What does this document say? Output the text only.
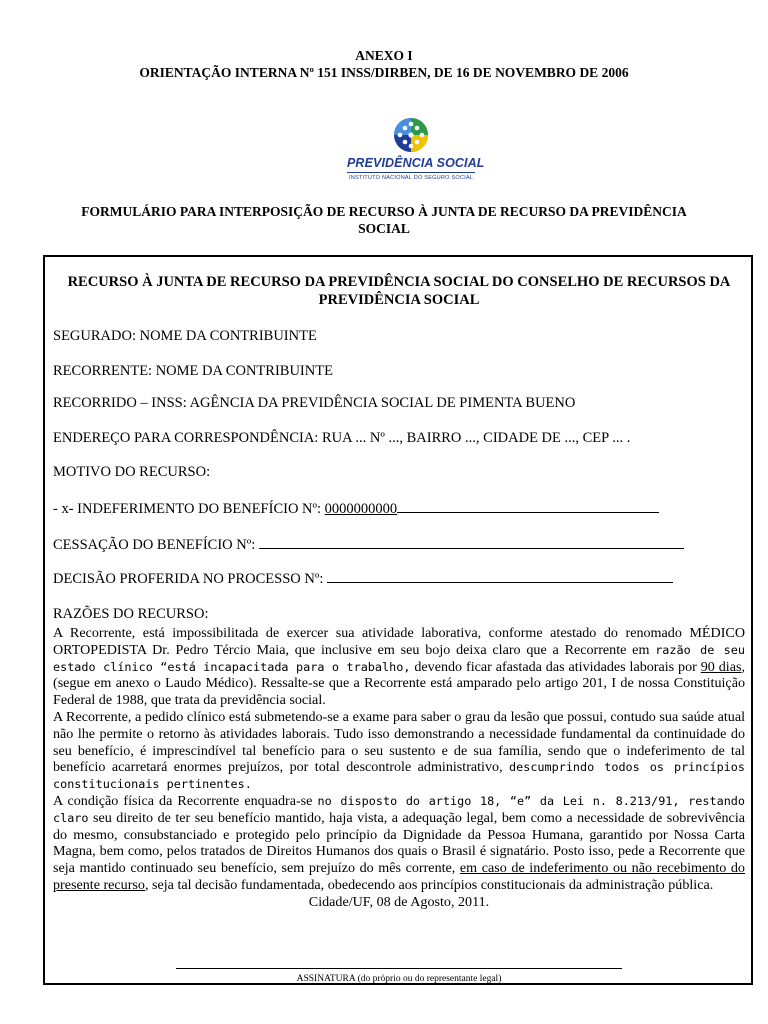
ANEXO I
ORIENTAÇÃO INTERNA Nº 151 INSS/DIRBEN, DE 16 DE NOVEMBRO DE 2006
PREVIDÊNCIA SOCIAL
INSTITUTO NACIONAL DO SEGURO SOCIAL
FORMULÁRIO PARA INTERPOSIÇÃO DE RECURSO À JUNTA DE RECURSO DA PREVIDÊNCIA SOCIAL
RECURSO À JUNTA DE RECURSO DA PREVIDÊNCIA SOCIAL DO CONSELHO DE RECURSOS DA PREVIDÊNCIA SOCIAL
SEGURADO: NOME DA CONTRIBUINTE
RECORRENTE: NOME DA CONTRIBUINTE
RECORRIDO – INSS: AGÊNCIA DA PREVIDÊNCIA SOCIAL DE PIMENTA BUENO
ENDEREÇO PARA CORRESPONDÊNCIA: RUA ... Nº ..., BAIRRO ..., CIDADE DE ..., CEP ... .
MOTIVO DO RECURSO:
- x- INDEFERIMENTO DO BENEFÍCIO Nº: 0000000000
CESSAÇÃO DO BENEFÍCIO Nº:
DECISÃO PROFERIDA NO PROCESSO Nº:
RAZÕES DO RECURSO:

A Recorrente, está impossibilitada de exercer sua atividade laborativa, conforme atestado do renomado MÉDICO ORTOPEDISTA Dr. Pedro Tércio Maia, que inclusive em seu bojo deixa claro que a Recorrente em razão de seu estado clínico “está incapacitada para o trabalho, devendo ficar afastada das atividades laborais por 90 dias, (segue em anexo o Laudo Médico). Ressalte-se que a Recorrente está amparado pelo artigo 201, I de nossa Constituição Federal de 1988, que trata da previdência social.

A Recorrente, a pedido clínico está submetendo-se a exame para saber o grau da lesão que possui, contudo sua saúde atual não lhe permite o retorno às atividades laborais. Tudo isso demonstrando a necessidade fundamental da continuidade do seu benefício, é imprescindível tal benefício para o seu sustento e de sua família, sendo que o indeferimento de tal benefício acarretará enormes prejuízos, por total descontrole administrativo, descumprindo todos os princípios constitucionais pertinentes.

A condição física da Recorrente enquadra-se no disposto do artigo 18, “e” da Lei n. 8.213/91, restando claro seu direito de ter seu benefício mantido, haja vista, a adequação legal, bem como a necessidade de sobrevivência do mesmo, consubstanciado e protegido pelo princípio da Dignidade da Pessoa Humana, garantido por Nossa Carta Magna, bem como, pelos tratados de Direitos Humanos dos quais o Brasil é signatário. Posto isso, pede a Recorrente que seja mantido continuado seu benefício, sem prejuízo do mês corrente, em caso de indeferimento ou não recebimento do presente recurso, seja tal decisão fundamentada, obedecendo aos princípios constitucionais da administração pública.

Cidade/UF, 08 de Agosto, 2011.

ASSINATURA (do próprio ou do representante legal)
